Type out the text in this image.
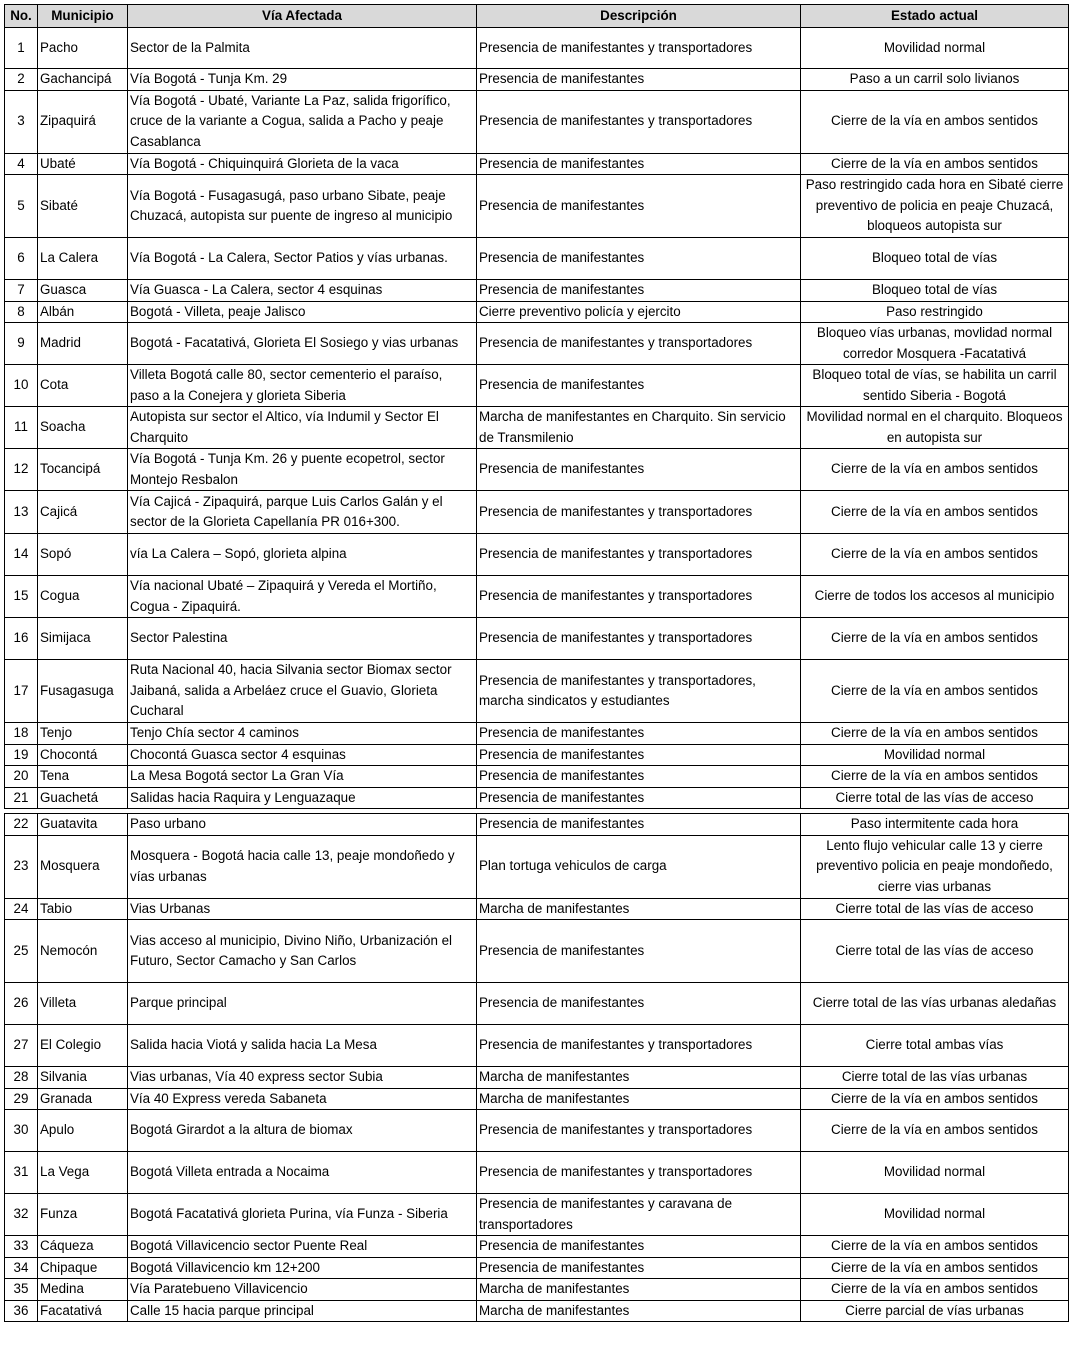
No.	Municipio	Vía Afectada	Descripción	Estado actual
1	Pacho	Sector de la Palmita	Presencia de manifestantes y transportadores	Movilidad normal
2	Gachancipá	Vía Bogotá - Tunja Km. 29	Presencia de manifestantes	Paso a un carril solo livianos
3	Zipaquirá	Vía Bogotá - Ubaté, Variante La Paz, salida frigorífico, cruce de la variante a Cogua, salida a Pacho y peaje Casablanca	Presencia de manifestantes y transportadores	Cierre de la vía en ambos sentidos
4	Ubaté	Vía Bogotá - Chiquinquirá Glorieta de la vaca	Presencia de manifestantes	Cierre de la vía en ambos sentidos
5	Sibaté	Vía Bogotá - Fusagasugá, paso urbano Sibate, peaje Chuzacá, autopista sur puente de ingreso al municipio	Presencia de manifestantes	Paso restringido cada hora en Sibaté cierre preventivo de policia en peaje Chuzacá, bloqueos autopista sur
6	La Calera	Vía Bogotá - La Calera, Sector Patios y vías urbanas.	Presencia de manifestantes	Bloqueo total de vías
7	Guasca	Vía Guasca - La Calera, sector 4 esquinas	Presencia de manifestantes	Bloqueo total de vías
8	Albán	Bogotá - Villeta, peaje Jalisco	Cierre preventivo policía y ejercito	Paso restringido
9	Madrid	Bogotá - Facatativá, Glorieta El Sosiego y vias urbanas	Presencia de manifestantes y transportadores	Bloqueo vías urbanas, movlidad normal corredor Mosquera -Facatativá
10	Cota	Villeta Bogotá calle 80, sector cementerio el paraíso, paso a la Conejera y glorieta Siberia	Presencia de manifestantes	Bloqueo total de vías, se habilita un carril sentido Siberia - Bogotá
11	Soacha	Autopista sur sector el Altico, vía Indumil y Sector El Charquito	Marcha de manifestantes en Charquito. Sin servicio de Transmilenio	Movilidad normal en el charquito. Bloqueos en autopista sur
12	Tocancipá	Vía Bogotá - Tunja Km. 26 y puente ecopetrol, sector Montejo Resbalon	Presencia de manifestantes	Cierre de la vía en ambos sentidos
13	Cajicá	Vía Cajicá - Zipaquirá, parque Luis Carlos Galán y el sector de la Glorieta Capellanía PR 016+300.	Presencia de manifestantes y transportadores	Cierre de la vía en ambos sentidos
14	Sopó	vía La Calera – Sopó, glorieta alpina	Presencia de manifestantes y transportadores	Cierre de la vía en ambos sentidos
15	Cogua	Vía nacional Ubaté – Zipaquirá y Vereda el Mortiño, Cogua - Zipaquirá.	Presencia de manifestantes y transportadores	Cierre de todos los accesos al municipio
16	Simijaca	Sector Palestina	Presencia de manifestantes y transportadores	Cierre de la vía en ambos sentidos
17	Fusagasuga	Ruta Nacional 40, hacia Silvania sector Biomax sector Jaibaná, salida a Arbeláez cruce el Guavio, Glorieta Cucharal	Presencia de manifestantes y transportadores, marcha sindicatos y estudiantes	Cierre de la vía en ambos sentidos
18	Tenjo	Tenjo Chía sector 4 caminos	Presencia de manifestantes	Cierre de la vía en ambos sentidos
19	Chocontá	Chocontá Guasca sector 4 esquinas	Presencia de manifestantes	Movilidad normal
20	Tena	La Mesa Bogotá sector La Gran Vía	Presencia de manifestantes	Cierre de la vía en ambos sentidos
21	Guachetá	Salidas hacia Raquira y Lenguazaque	Presencia de manifestantes	Cierre total de las vías de acceso

22	Guatavita	Paso urbano	Presencia de manifestantes	Paso intermitente cada hora
23	Mosquera	Mosquera - Bogotá hacia calle 13, peaje mondoñedo y vías urbanas	Plan tortuga vehiculos de carga	Lento flujo vehicular calle 13 y cierre preventivo policia en peaje mondoñedo, cierre vias urbanas
24	Tabio	Vias Urbanas	Marcha de manifestantes	Cierre total de las vías de acceso
25	Nemocón	Vias acceso al municipio, Divino Niño, Urbanización el Futuro, Sector Camacho y San Carlos	Presencia de manifestantes	Cierre total de las vías de acceso
26	Villeta	Parque principal	Presencia de manifestantes	Cierre total de las vías urbanas aledañas
27	El Colegio	Salida hacia Viotá y salida hacia La Mesa	Presencia de manifestantes y transportadores	Cierre total ambas vías
28	Silvania	Vias urbanas, Vía 40 express sector Subia	Marcha de manifestantes	Cierre total de las vías urbanas
29	Granada	Vía 40 Express vereda Sabaneta	Marcha de manifestantes	Cierre de la vía en ambos sentidos
30	Apulo	Bogotá Girardot a la altura de biomax	Presencia de manifestantes y transportadores	Cierre de la vía en ambos sentidos
31	La Vega	Bogotá Villeta entrada a Nocaima	Presencia de manifestantes y transportadores	Movilidad normal
32	Funza	Bogotá Facatativá glorieta Purina, vía Funza - Siberia	Presencia de manifestantes y caravana de transportadores	Movilidad normal
33	Cáqueza	Bogotá Villavicencio sector Puente Real	Presencia de manifestantes	Cierre de la vía en ambos sentidos
34	Chipaque	Bogotá Villavicencio km 12+200	Presencia de manifestantes	Cierre de la vía en ambos sentidos
35	Medina	Vía Paratebueno Villavicencio	Marcha de manifestantes	Cierre de la vía en ambos sentidos
36	Facatativá	Calle 15 hacia parque principal	Marcha de manifestantes	Cierre parcial de vías urbanas
